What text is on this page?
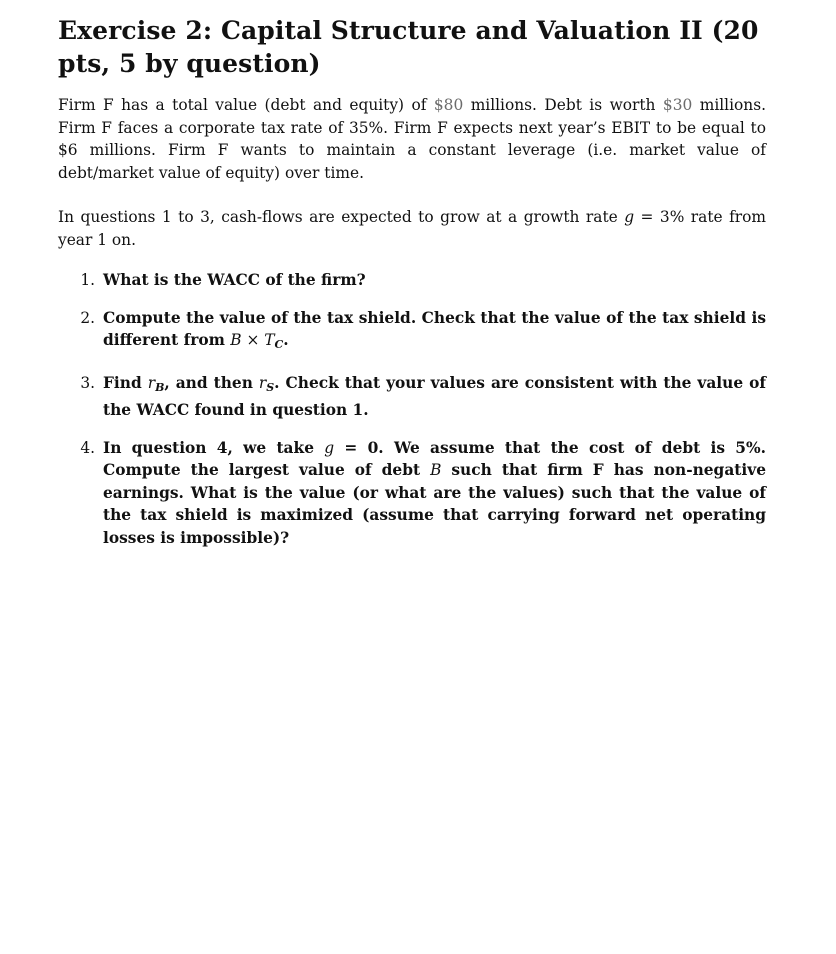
Exercise 2: Capital Structure and Valuation II (20 pts, 5 by question)

Firm F has a total value (debt and equity) of $80 millions. Debt is worth $30 millions. Firm F faces a corporate tax rate of 35%. Firm F expects next year’s EBIT to be equal to $6 millions. Firm F wants to maintain a constant leverage (i.e. market value of debt/market value of equity) over time.

In questions 1 to 3, cash-flows are expected to grow at a growth rate g = 3% rate from year 1 on.

1. What is the WACC of the firm?
2. Compute the value of the tax shield. Check that the value of the tax shield is different from $B \times T_C$.
3. Find $r_B$, and then $r_S$. Check that your values are consistent with the value of the WACC found in question 1.
4. In question 4, we take g = 0. We assume that the cost of debt is 5%. Compute the largest value of debt B such that firm F has non-negative earnings. What is the value (or what are the values) such that the value of the tax shield is maximized (assume that carrying forward net operating losses is impossible)?
